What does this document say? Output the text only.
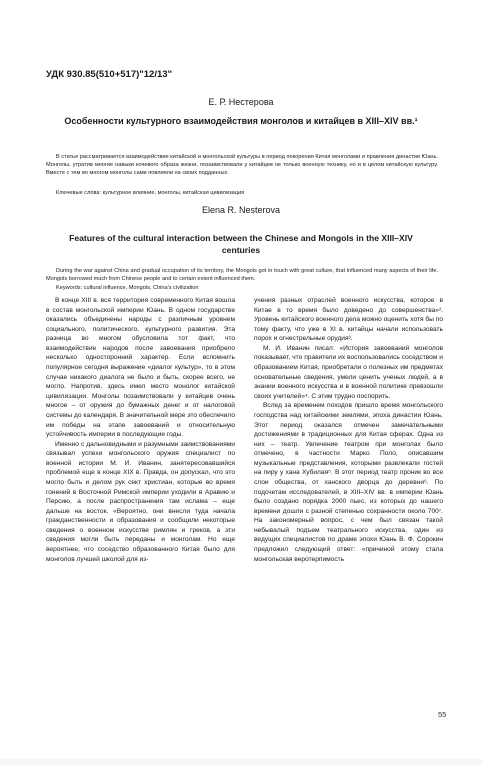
УДК 930.85(510+517)"12/13"
Е. Р. Нестерова
Особенности культурного взаимодействия монголов и китайцев в XIII–XIV вв.¹

В статье рассматривается взаимодействие китайской и монгольской культуры в период покорения Китая монголами и правления династии Юань. Монголы, утратив многие навыки кочевого образа жизни, позаимствовали у китайцев не только военную технику, но и в целом китайскую культуру. Вместе с тем во многом монголы сами повлияли на своих подданных.

Ключевые слова: культурное влияние, монголы, китайская цивилизация
Elena R. Nesterova
Features of the cultural interaction between the Chinese and Mongols in the XIII–XIV centuries

During the war against China and gradual occupation of its territory, the Mongols got in touch with great culture, that influenced many aspects of their life. Mongols borrowed much from Chinese people and to certain extent influenced them.

Keywords: cultural influence, Mongols, China's civilization

В конце XIII в. вся территория современного Китая вошла в состав монгольской империи Юань. В одном государстве оказались объединены народы с различным уровнем социального, политического, культурного развития. Эта разница во многом обусловила тот факт, что взаимодействие народов после завоевания приобрело несколько односторонний характер. Если вспомнить популярное сегодня выражение «диалог культур», то в этом случае никакого диалога не было и быть, скорее всего, не могло. Напротив, здесь имел место монолог китайской цивилизации. Монголы позаимствовали у китайцев очень многое – от оружия до бумажных денег и от налоговой системы до календаря. В значительной мере это обеспечило им победы на этапе завоеваний и относительную устойчивость империи в последующие годы.

Именно с дальновидными и разумными заимствованиями связывал успехи монгольского оружия специалист по военной истории М. И. Иванин, занятересовавшийся проблемой еще в конце XIX в. Правда, он допускал, что это могло быть и делом рук сект христиан, которые во время гонений в Восточной Римской империи уходили в Аравию и Персию, а после распространения там ислама – еще дальше на восток. «Вероятно, они внесли туда начала гражданственности и образования и сообщили некоторые сведения о военном искусстве римлян и греков, а эти сведения могли быть переданы и монголам. Но еще вероятнее, что соседство образованного Китая было для монголов лучшей школой для из-

учения разных отраслей военного искусства, которое в Китае в то время было доведено до совершенства»². Уровень китайского военного дела можно оценить хотя бы по тому факту, что уже в XI в. китайцы начали использовать порох и огнестрельные орудия³.

М. И. Иванин писал: «История завоеваний монголов показывает, что правители их воспользовались соседством и образованием Китая, приобретали о полезных им предметах основательные сведения, умели ценить ученых людей, а в знании военного искусства и в военной политике превзошли своих учителей»⁴. С этим трудно поспорить.

Вслед за временем походов пришло время монгольского господства над китайскими землями, эпоха династии Юань. Этот период оказался отмечен замечательными достижениями в традиционных для Китая сферах. Одна из них – театр. Увлечение театром при монголах было отмечено, в частности Марко Поло, описавшим музыкальные представления, которыми развлекали гостей на пиру у хана Хубилая⁵. В этот период театр проник во все слои общества, от ханского дворца до деревни⁶. По подсчетам исследователей, в XIII–XIV вв. в империи Юань было создано порядка 2000 пьес, из которых до нашего времени дошли с разной степенью сохранности около 700⁷. На закономерный вопрос, с чем был связан такой небывалый подъем театрального искусства, один из ведущих специалистов по драме эпохи Юань В. Ф. Сорокин предложил следующий ответ: «причиной этому стала монгольская веротерпимость

55
